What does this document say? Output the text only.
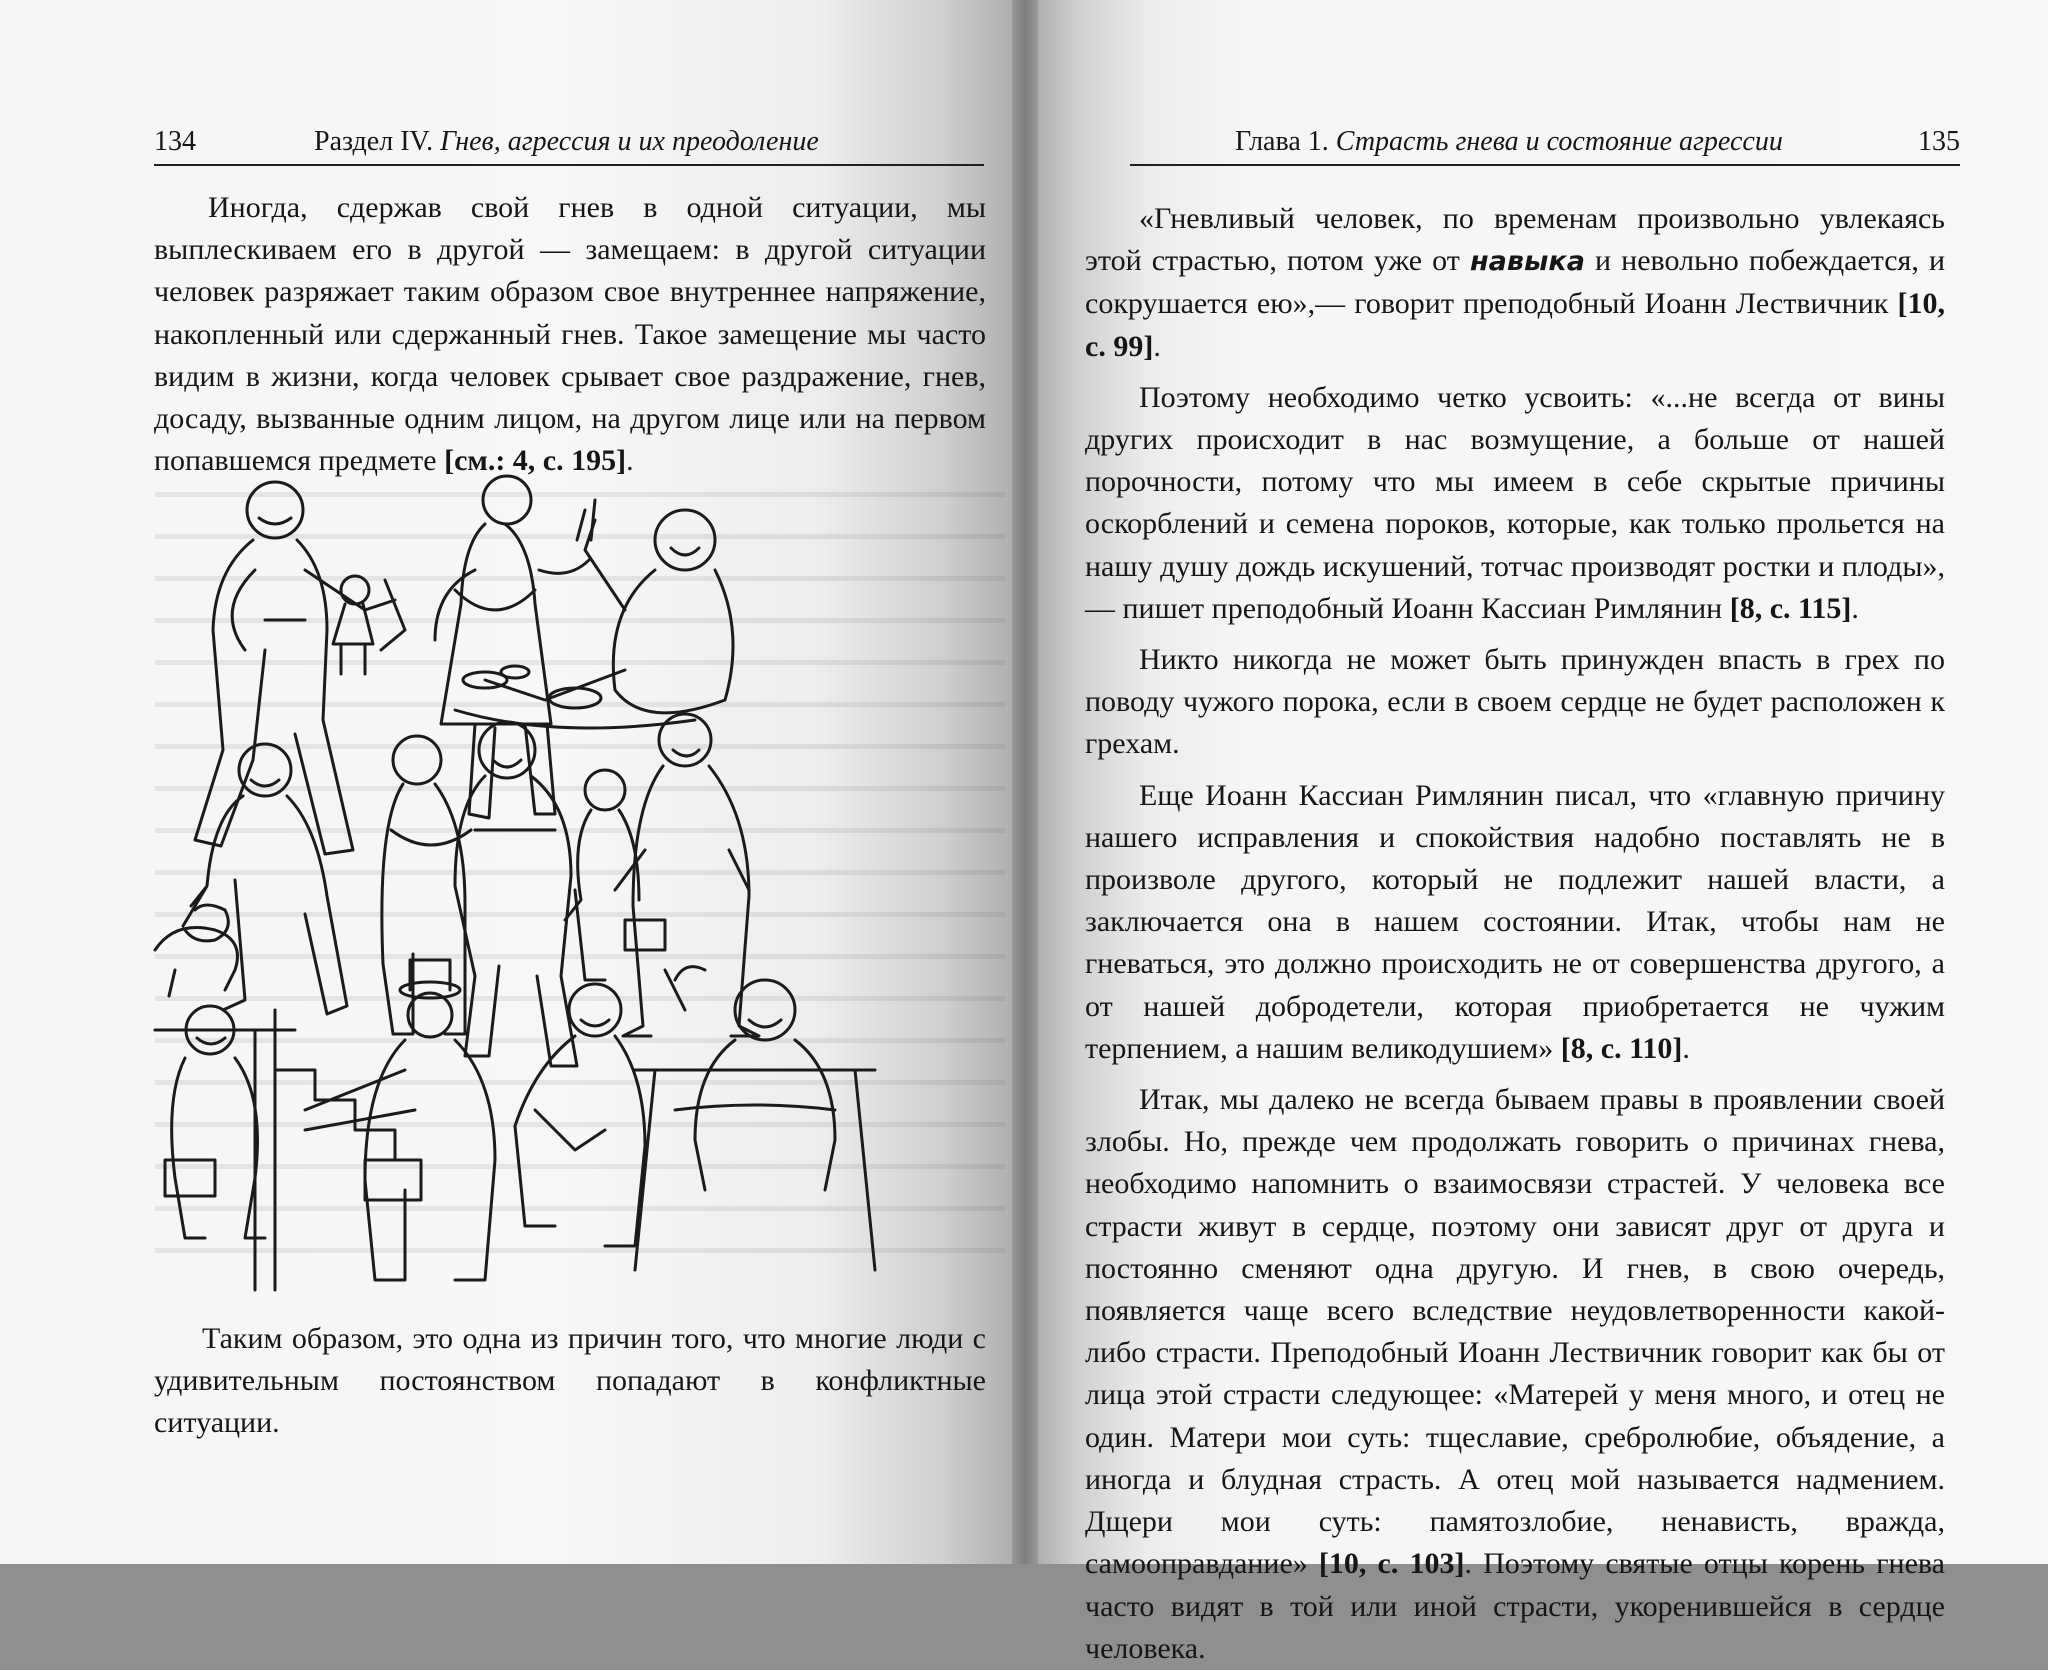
134	Раздел IV. Гнев, агрессия и их преодоление

Иногда, сдержав свой гнев в одной ситуации, мы выплескиваем его в другой — замещаем: в другой ситуации человек разряжает таким образом свое внутреннее напряжение, накопленный или сдержанный гнев. Такое замещение мы часто видим в жизни, когда человек срывает свое раздражение, гнев, досаду, вызванные одним лицом, на другом лице или на первом попавшемся предмете [см.: 4, с. 195].

Таким образом, это одна из причин того, что многие люди с удивительным постоянством попадают в конфликтные ситуации.

Глава 1. Страсть гнева и состояние агрессии	135

«Гневливый человек, по временам произвольно увлекаясь этой страстью, потом уже от навыка и невольно побеждается, и сокрушается ею»,— говорит преподобный Иоанн Лествичник [10, с. 99].

Поэтому необходимо четко усвоить: «...не всегда от вины других происходит в нас возмущение, а больше от нашей порочности, потому что мы имеем в себе скрытые причины оскорблений и семена пороков, которые, как только прольется на нашу душу дождь искушений, тотчас производят ростки и плоды»,— пишет преподобный Иоанн Кассиан Римлянин [8, с. 115].

Никто никогда не может быть принужден впасть в грех по поводу чужого порока, если в своем сердце не будет расположен к грехам.

Еще Иоанн Кассиан Римлянин писал, что «главную причину нашего исправления и спокойствия надобно поставлять не в произволе другого, который не подлежит нашей власти, а заключается она в нашем состоянии. Итак, чтобы нам не гневаться, это должно происходить не от совершенства другого, а от нашей добродетели, которая приобретается не чужим терпением, а нашим великодушием» [8, с. 110].

Итак, мы далеко не всегда бываем правы в проявлении своей злобы. Но, прежде чем продолжать говорить о причинах гнева, необходимо напомнить о взаимосвязи страстей. У человека все страсти живут в сердце, поэтому они зависят друг от друга и постоянно сменяют одна другую. И гнев, в свою очередь, появляется чаще всего вследствие неудовлетворенности какой-либо страсти. Преподобный Иоанн Лествичник говорит как бы от лица этой страсти следующее: «Матерей у меня много, и отец не один. Матери мои суть: тщеславие, сребролюбие, объядение, а иногда и блудная страсть. А отец мой называется надмением. Дщери мои суть: памятозлобие, ненависть, вражда, самооправдание» [10, с. 103]. Поэтому святые отцы корень гнева часто видят в той или иной страсти, укоренившейся в сердце человека.
